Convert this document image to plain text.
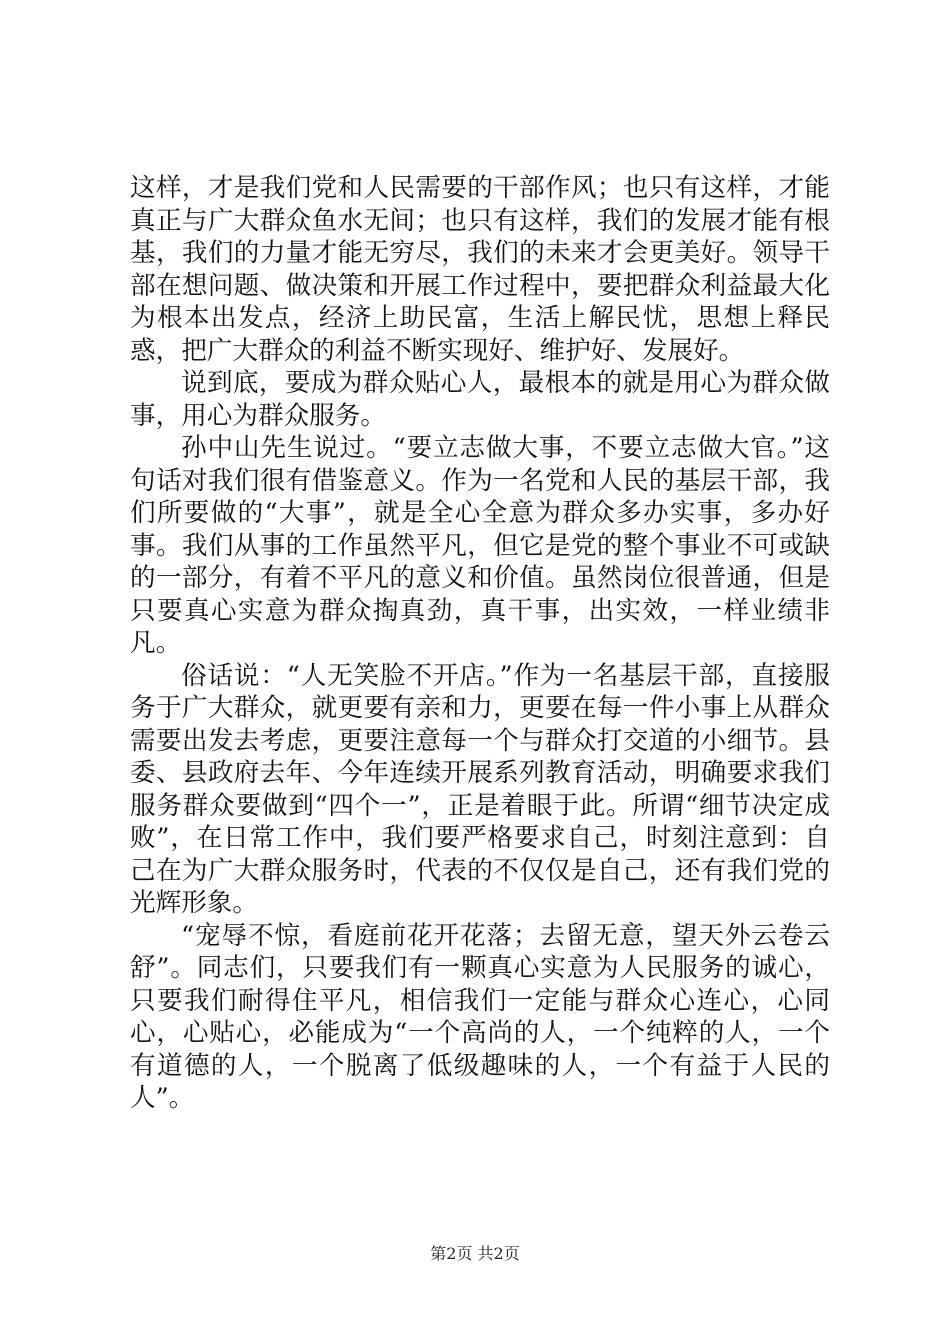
这样，才是我们党和人民需要的干部作风；也只有这样，才能真正与广大群众鱼水无间；也只有这样，我们的发展才能有根基，我们的力量才能无穷尽，我们的未来才会更美好。领导干部在想问题、做决策和开展工作过程中，要把群众利益最大化为根本出发点，经济上助民富，生活上解民忧，思想上释民惑，把广大群众的利益不断实现好、维护好、发展好。

说到底，要成为群众贴心人，最根本的就是用心为群众做事，用心为群众服务。

孙中山先生说过。“要立志做大事，不要立志做大官。”这句话对我们很有借鉴意义。作为一名党和人民的基层干部，我们所要做的“大事”，就是全心全意为群众多办实事，多办好事。我们从事的工作虽然平凡，但它是党的整个事业不可或缺的一部分，有着不平凡的意义和价值。虽然岗位很普通，但是只要真心实意为群众掏真劲，真干事，出实效，一样业绩非凡。

俗话说：“人无笑脸不开店。”作为一名基层干部，直接服务于广大群众，就更要有亲和力，更要在每一件小事上从群众需要出发去考虑，更要注意每一个与群众打交道的小细节。县委、县政府去年、今年连续开展系列教育活动，明确要求我们服务群众要做到“四个一”，正是着眼于此。所谓“细节决定成败”，在日常工作中，我们要严格要求自己，时刻注意到：自己在为广大群众服务时，代表的不仅仅是自己，还有我们党的光辉形象。

“宠辱不惊，看庭前花开花落；去留无意，望天外云卷云舒”。同志们，只要我们有一颗真心实意为人民服务的诚心，只要我们耐得住平凡，相信我们一定能与群众心连心，心同心，心贴心，必能成为“一个高尚的人，一个纯粹的人，一个有道德的人，一个脱离了低级趣味的人，一个有益于人民的人”。

第2页 共2页
